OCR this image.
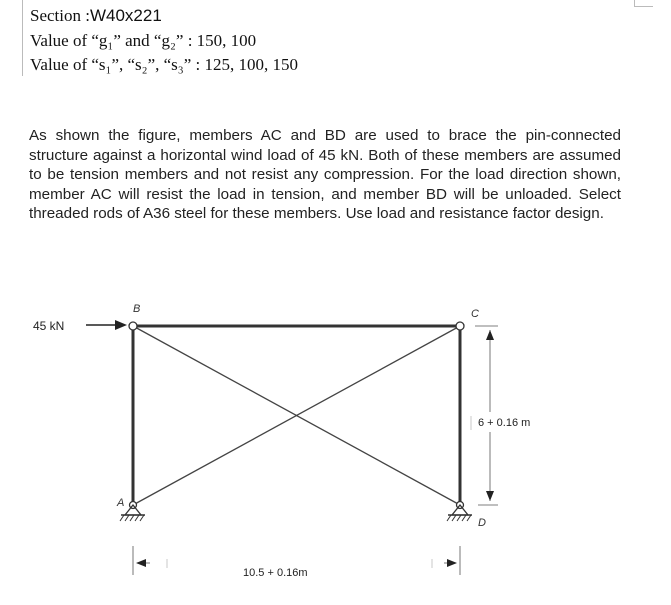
Section :W40x221
Value of “g₁” and “g₂” : 150, 100
Value of “s₁”, “s₂”, “s₃” : 125, 100, 150
As shown the figure, members AC and BD are used to brace the pin-connected structure against a horizontal wind load of 45 kN. Both of these members are assumed to be tension members and not resist any compression. For the load direction shown, member AC will resist the load in tension, and member BD will be unloaded. Select threaded rods of A36 steel for these members. Use load and resistance factor design.
B	C
A
D
45 kN
6 + 0.16 m
10.5 + 0.16m
